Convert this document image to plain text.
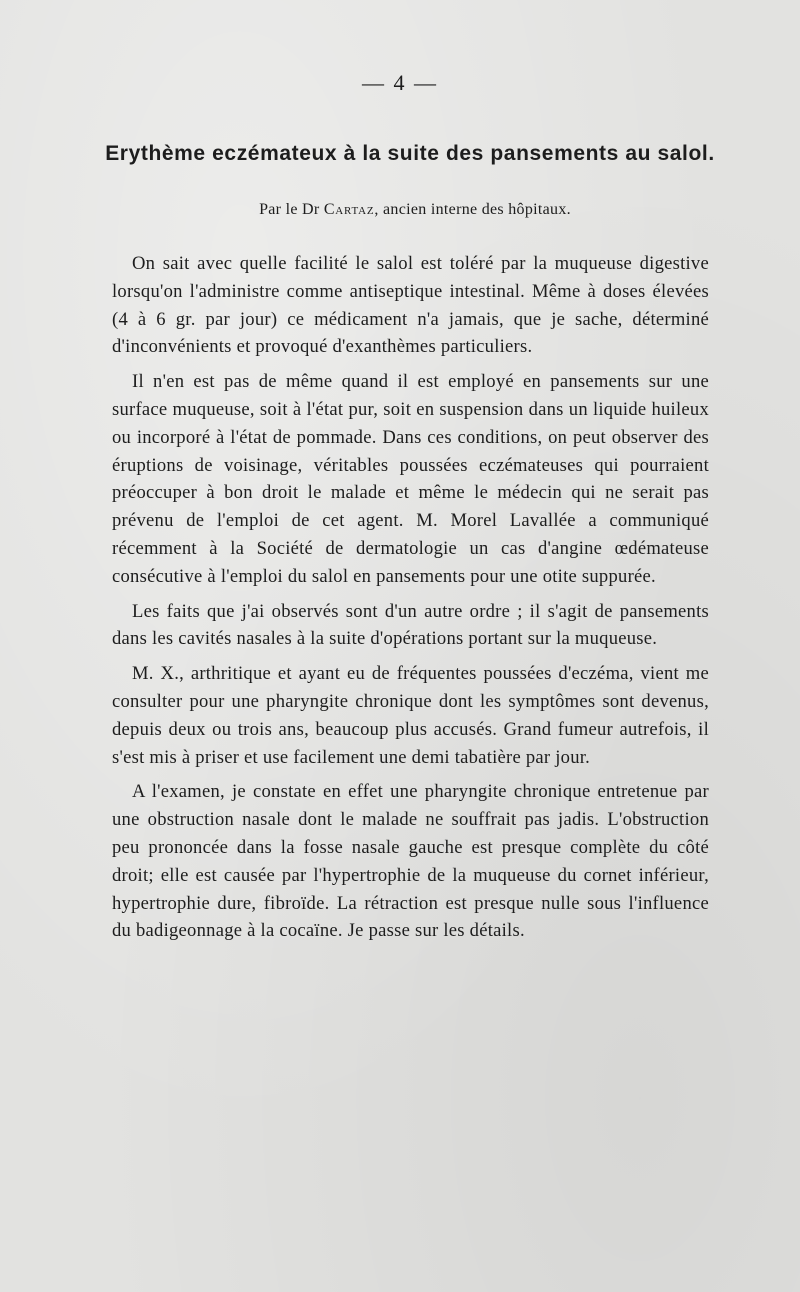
— 4 —
Erythème eczémateux à la suite des pansements au salol.
Par le Dr Cartaz, ancien interne des hôpitaux.

On sait avec quelle facilité le salol est toléré par la muqueuse digestive lorsqu'on l'administre comme antiseptique intestinal. Même à doses élevées (4 à 6 gr. par jour) ce médicament n'a jamais, que je sache, déterminé d'inconvénients et provoqué d'exanthèmes particuliers.

Il n'en est pas de même quand il est employé en pansements sur une surface muqueuse, soit à l'état pur, soit en suspension dans un liquide huileux ou incorporé à l'état de pommade. Dans ces conditions, on peut observer des éruptions de voisinage, véritables poussées eczémateuses qui pourraient préoccuper à bon droit le malade et même le médecin qui ne serait pas prévenu de l'emploi de cet agent. M. Morel Lavallée a communiqué récemment à la Société de dermatologie un cas d'angine œdémateuse consécutive à l'emploi du salol en pansements pour une otite suppurée.

Les faits que j'ai observés sont d'un autre ordre ; il s'agit de pansements dans les cavités nasales à la suite d'opérations portant sur la muqueuse.

M. X., arthritique et ayant eu de fréquentes poussées d'eczéma, vient me consulter pour une pharyngite chronique dont les symptômes sont devenus, depuis deux ou trois ans, beaucoup plus accusés. Grand fumeur autrefois, il s'est mis à priser et use facilement une demi tabatière par jour.

A l'examen, je constate en effet une pharyngite chronique entretenue par une obstruction nasale dont le malade ne souffrait pas jadis. L'obstruction peu prononcée dans la fosse nasale gauche est presque complète du côté droit; elle est causée par l'hypertrophie de la muqueuse du cornet inférieur, hypertrophie dure, fibroïde. La rétraction est presque nulle sous l'influence du badigeonnage à la cocaïne. Je passe sur les détails.
